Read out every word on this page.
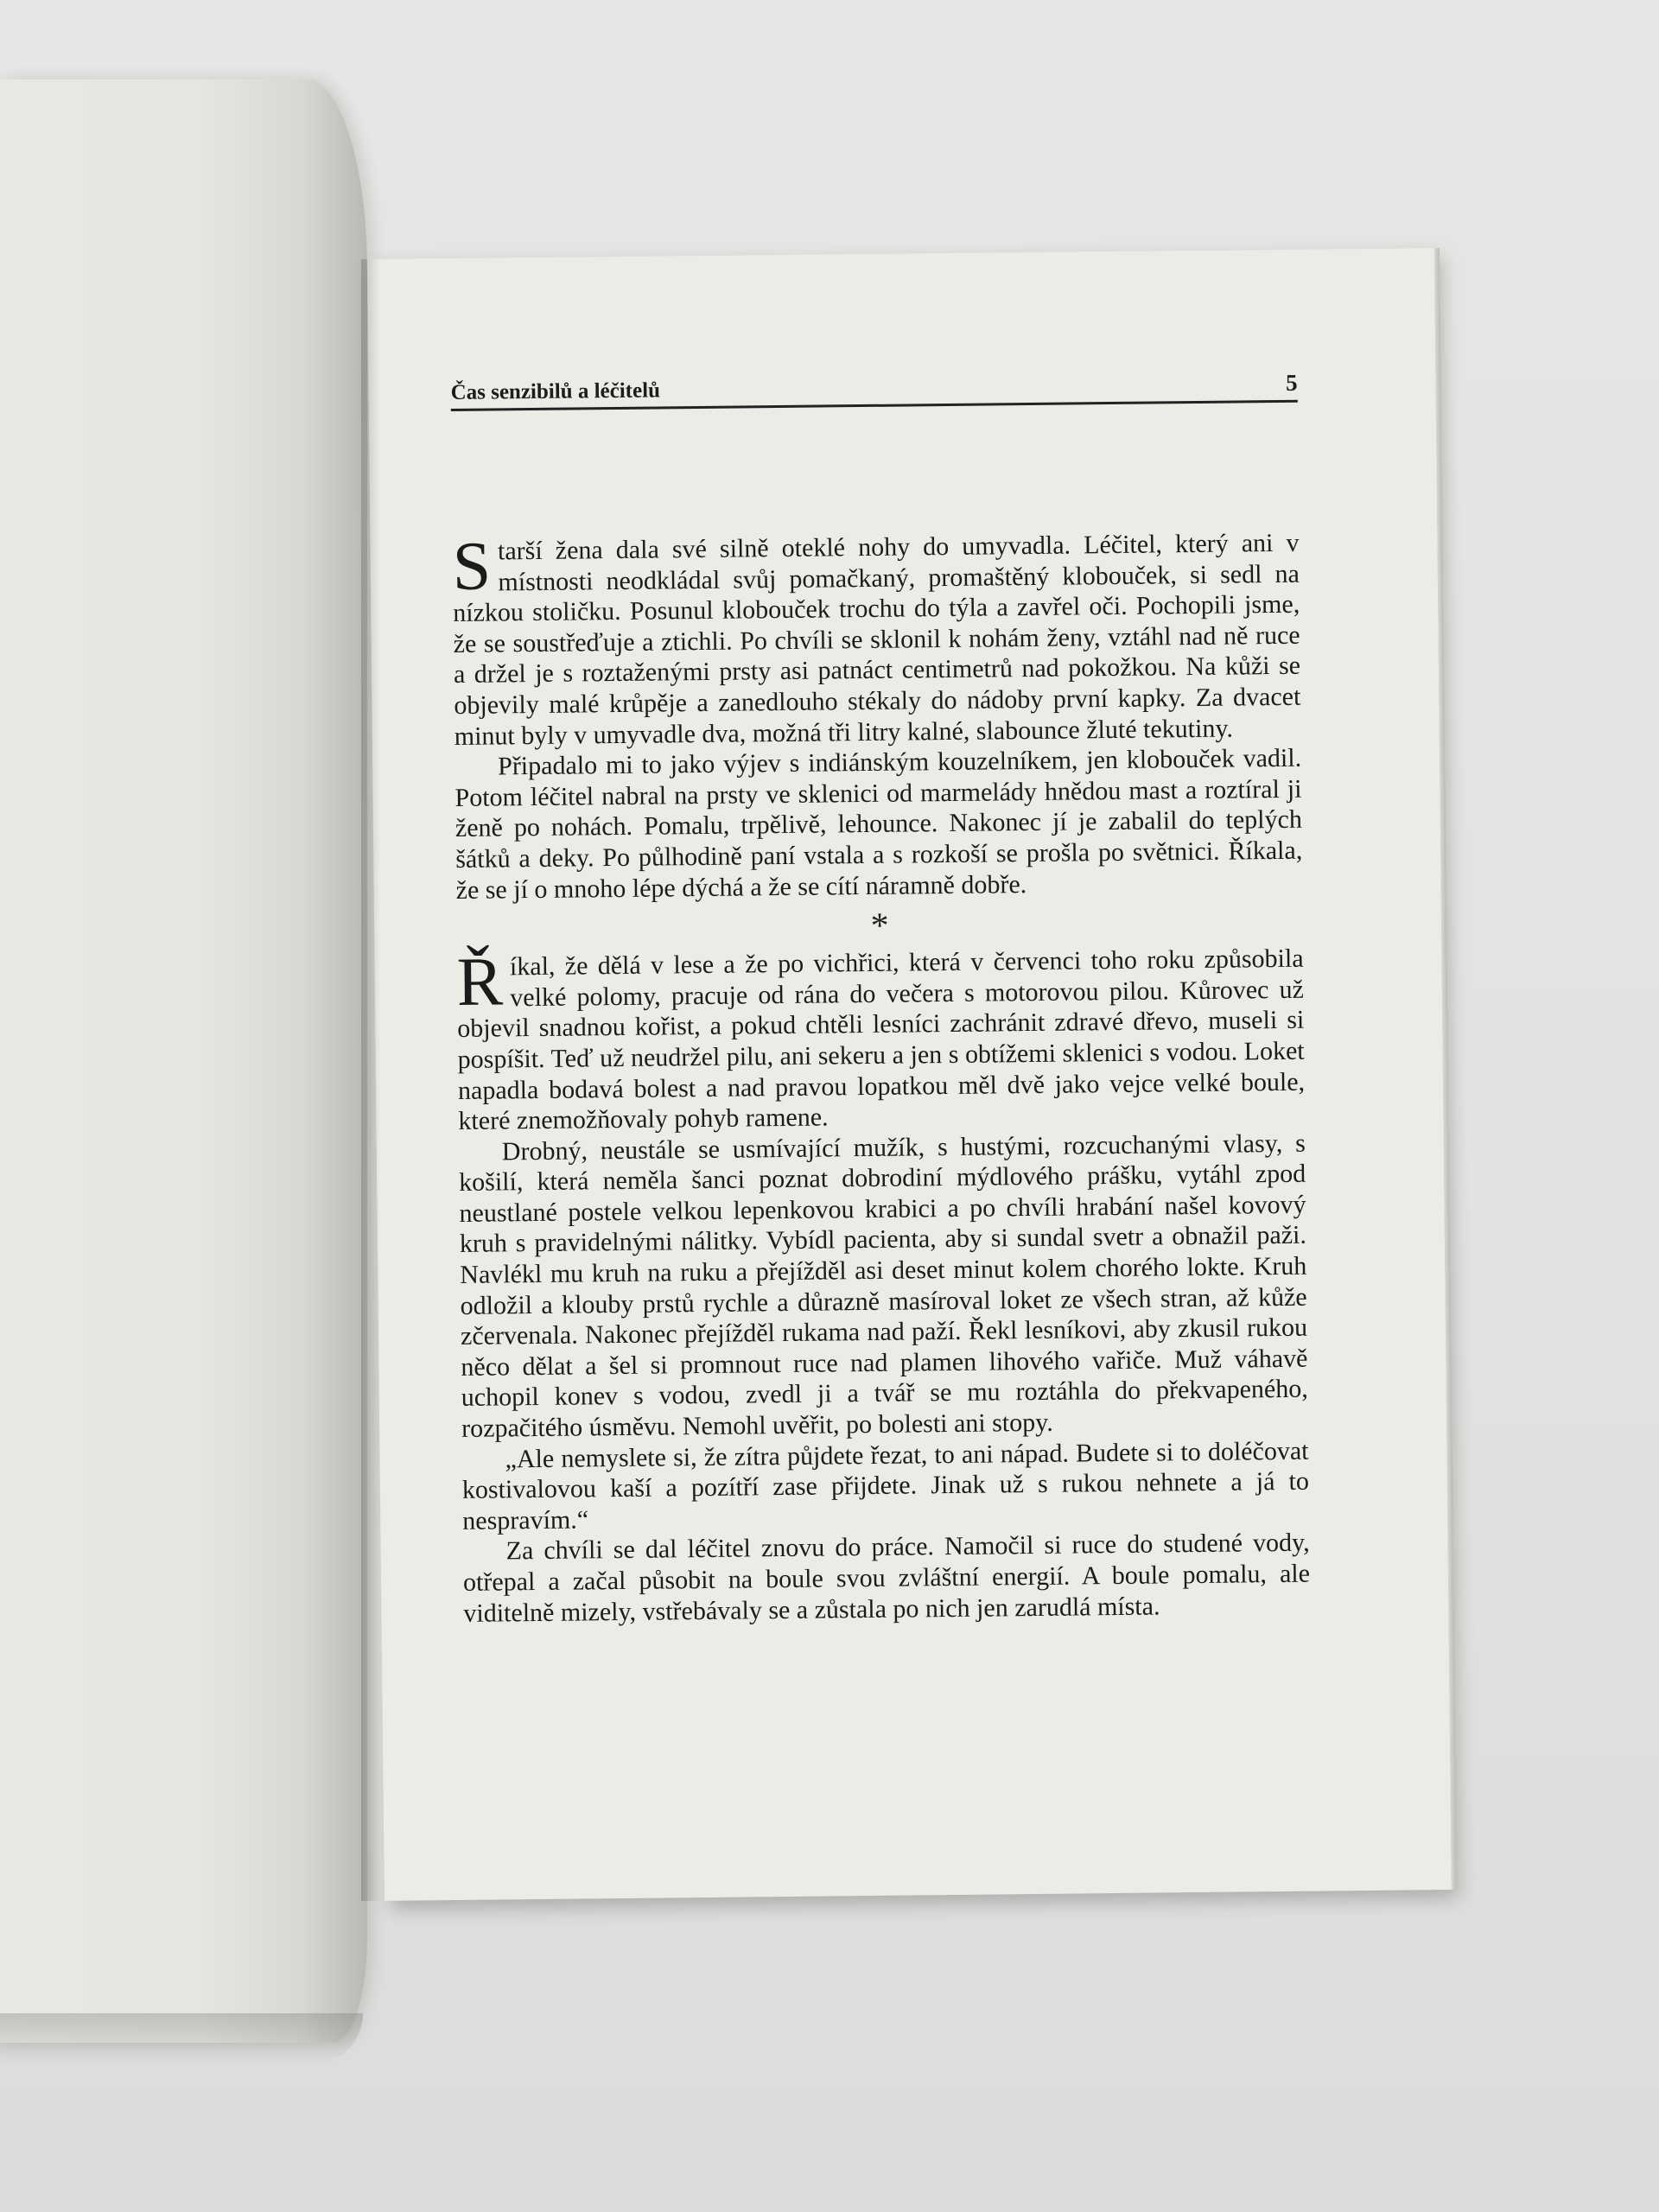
Čas senzibilů a léčitelů	5

Starší žena dala své silně oteklé nohy do umyvadla. Léčitel, který ani v místnosti neodkládal svůj pomačkaný, promaštěný klobouček, si sedl na nízkou stoličku. Posunul klobouček trochu do týla a zavřel oči. Pochopili jsme, že se soustřeďuje a ztichli. Po chvíli se sklonil k nohám ženy, vztáhl nad ně ruce a držel je s roztaženými prsty asi patnáct centimetrů nad pokožkou. Na kůži se objevily malé krůpěje a zanedlouho stékaly do nádoby první kapky. Za dvacet minut byly v umyvadle dva, možná tři litry kalné, slabounce žluté tekutiny.

Připadalo mi to jako výjev s indiánským kouzelníkem, jen klobouček vadil. Potom léčitel nabral na prsty ve sklenici od marmelády hnědou mast a roztíral ji ženě po nohách. Pomalu, trpělivě, lehounce. Nakonec jí je zabalil do teplých šátků a deky. Po půlhodině paní vstala a s rozkoší se prošla po světnici. Říkala, že se jí o mnoho lépe dýchá a že se cítí náramně dobře.

*

Říkal, že dělá v lese a že po vichřici, která v červenci toho roku způsobila velké polomy, pracuje od rána do večera s motorovou pilou. Kůrovec už objevil snadnou kořist, a pokud chtěli lesníci zachránit zdravé dřevo, museli si pospíšit. Teď už neudržel pilu, ani sekeru a jen s obtížemi sklenici s vodou. Loket napadla bodavá bolest a nad pravou lopatkou měl dvě jako vejce velké boule, které znemožňovaly pohyb ramene.

Drobný, neustále se usmívající mužík, s hustými, rozcuchanými vlasy, s košilí, která neměla šanci poznat dobrodiní mýdlového prášku, vytáhl zpod neustlané postele velkou lepenkovou krabici a po chvíli hrabání našel kovový kruh s pravidelnými nálitky. Vybídl pacienta, aby si sundal svetr a obnažil paži. Navlékl mu kruh na ruku a přejížděl asi deset minut kolem chorého lokte. Kruh odložil a klouby prstů rychle a důrazně masíroval loket ze všech stran, až kůže zčervenala. Nakonec přejížděl rukama nad paží. Řekl lesníkovi, aby zkusil rukou něco dělat a šel si promnout ruce nad plamen lihového vařiče. Muž váhavě uchopil konev s vodou, zvedl ji a tvář se mu roztáhla do překvapeného, rozpačitého úsměvu. Nemohl uvěřit, po bolesti ani stopy.

„Ale nemyslete si, že zítra půjdete řezat, to ani nápad. Budete si to doléčovat kostivalovou kaší a pozítří zase přijdete. Jinak už s rukou nehnete a já to nespravím.“

Za chvíli se dal léčitel znovu do práce. Namočil si ruce do studené vody, otřepal a začal působit na boule svou zvláštní energií. A boule pomalu, ale viditelně mizely, vstřebávaly se a zůstala po nich jen zarudlá místa.
